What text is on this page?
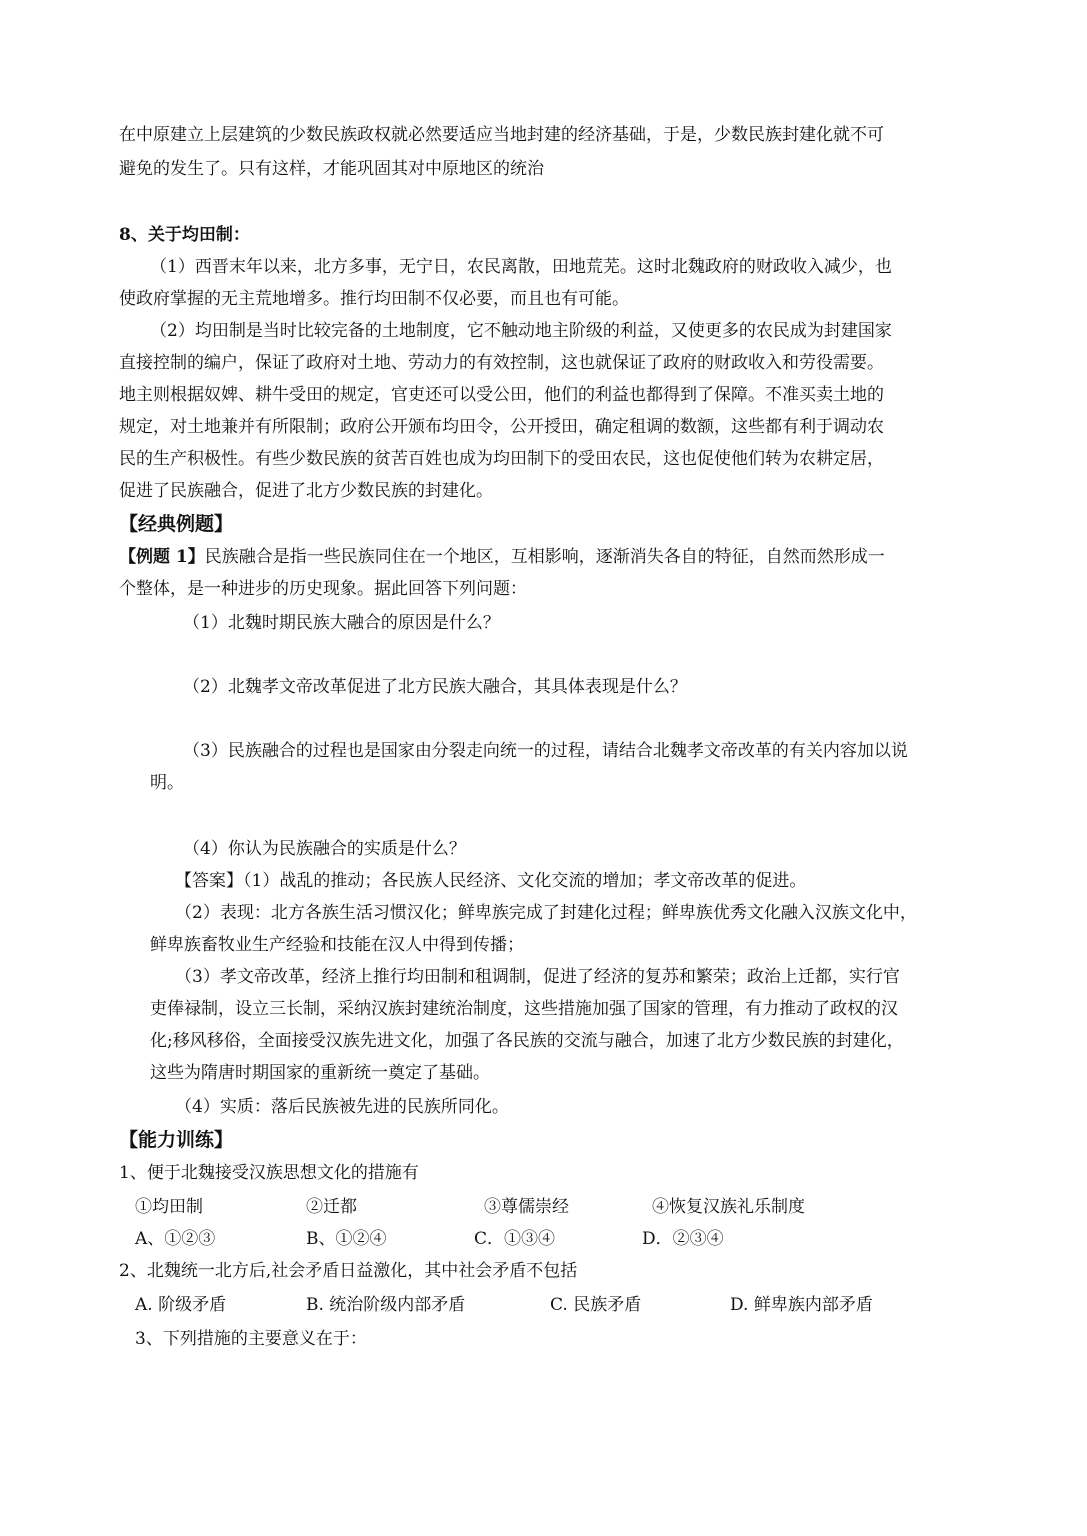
在中原建立上层建筑的少数民族政权就必然要适应当地封建的经济基础，于是，少数民族封建化就不可
避免的发生了。只有这样，才能巩固其对中原地区的统治
8、关于均田制：
（1）西晋末年以来，北方多事，无宁日，农民离散，田地荒芜。这时北魏政府的财政收入减少，也
使政府掌握的无主荒地增多。推行均田制不仅必要，而且也有可能。
（2）均田制是当时比较完备的土地制度，它不触动地主阶级的利益，又使更多的农民成为封建国家
直接控制的编户，保证了政府对土地、劳动力的有效控制，这也就保证了政府的财政收入和劳役需要。
地主则根据奴婢、耕牛受田的规定，官吏还可以受公田，他们的利益也都得到了保障。不准买卖土地的
规定，对土地兼并有所限制；政府公开颁布均田令，公开授田，确定租调的数额，这些都有利于调动农
民的生产积极性。有些少数民族的贫苦百姓也成为均田制下的受田农民，这也促使他们转为农耕定居，
促进了民族融合，促进了北方少数民族的封建化。
【经典例题】
【例题 1】民族融合是指一些民族同住在一个地区，互相影响，逐渐消失各自的特征，自然而然形成一
个整体，是一种进步的历史现象。据此回答下列问题：
（1）北魏时期民族大融合的原因是什么？
（2）北魏孝文帝改革促进了北方民族大融合，其具体表现是什么？
（3）民族融合的过程也是国家由分裂走向统一的过程，请结合北魏孝文帝改革的有关内容加以说
明。
（4）你认为民族融合的实质是什么？
【答案】（1）战乱的推动；各民族人民经济、文化交流的增加；孝文帝改革的促进。
（2）表现：北方各族生活习惯汉化；鲜卑族完成了封建化过程；鲜卑族优秀文化融入汉族文化中，
鲜卑族畜牧业生产经验和技能在汉人中得到传播；
（3）孝文帝改革，经济上推行均田制和租调制，促进了经济的复苏和繁荣；政治上迁都，实行官
吏俸禄制，设立三长制，采纳汉族封建统治制度，这些措施加强了国家的管理，有力推动了政权的汉
化;移风移俗，全面接受汉族先进文化，加强了各民族的交流与融合，加速了北方少数民族的封建化，
这些为隋唐时期国家的重新统一奠定了基础。
（4）实质：落后民族被先进的民族所同化。
【能力训练】
1、便于北魏接受汉族思想文化的措施有
①均田制	②迁都	③尊儒崇经	④恢复汉族礼乐制度
A、①②③	B、①②④	C．①③④	D．②③④
2、北魏统一北方后,社会矛盾日益激化，其中社会矛盾不包括
A. 阶级矛盾	B. 统治阶级内部矛盾	C. 民族矛盾	D. 鲜卑族内部矛盾
3、下列措施的主要意义在于：
